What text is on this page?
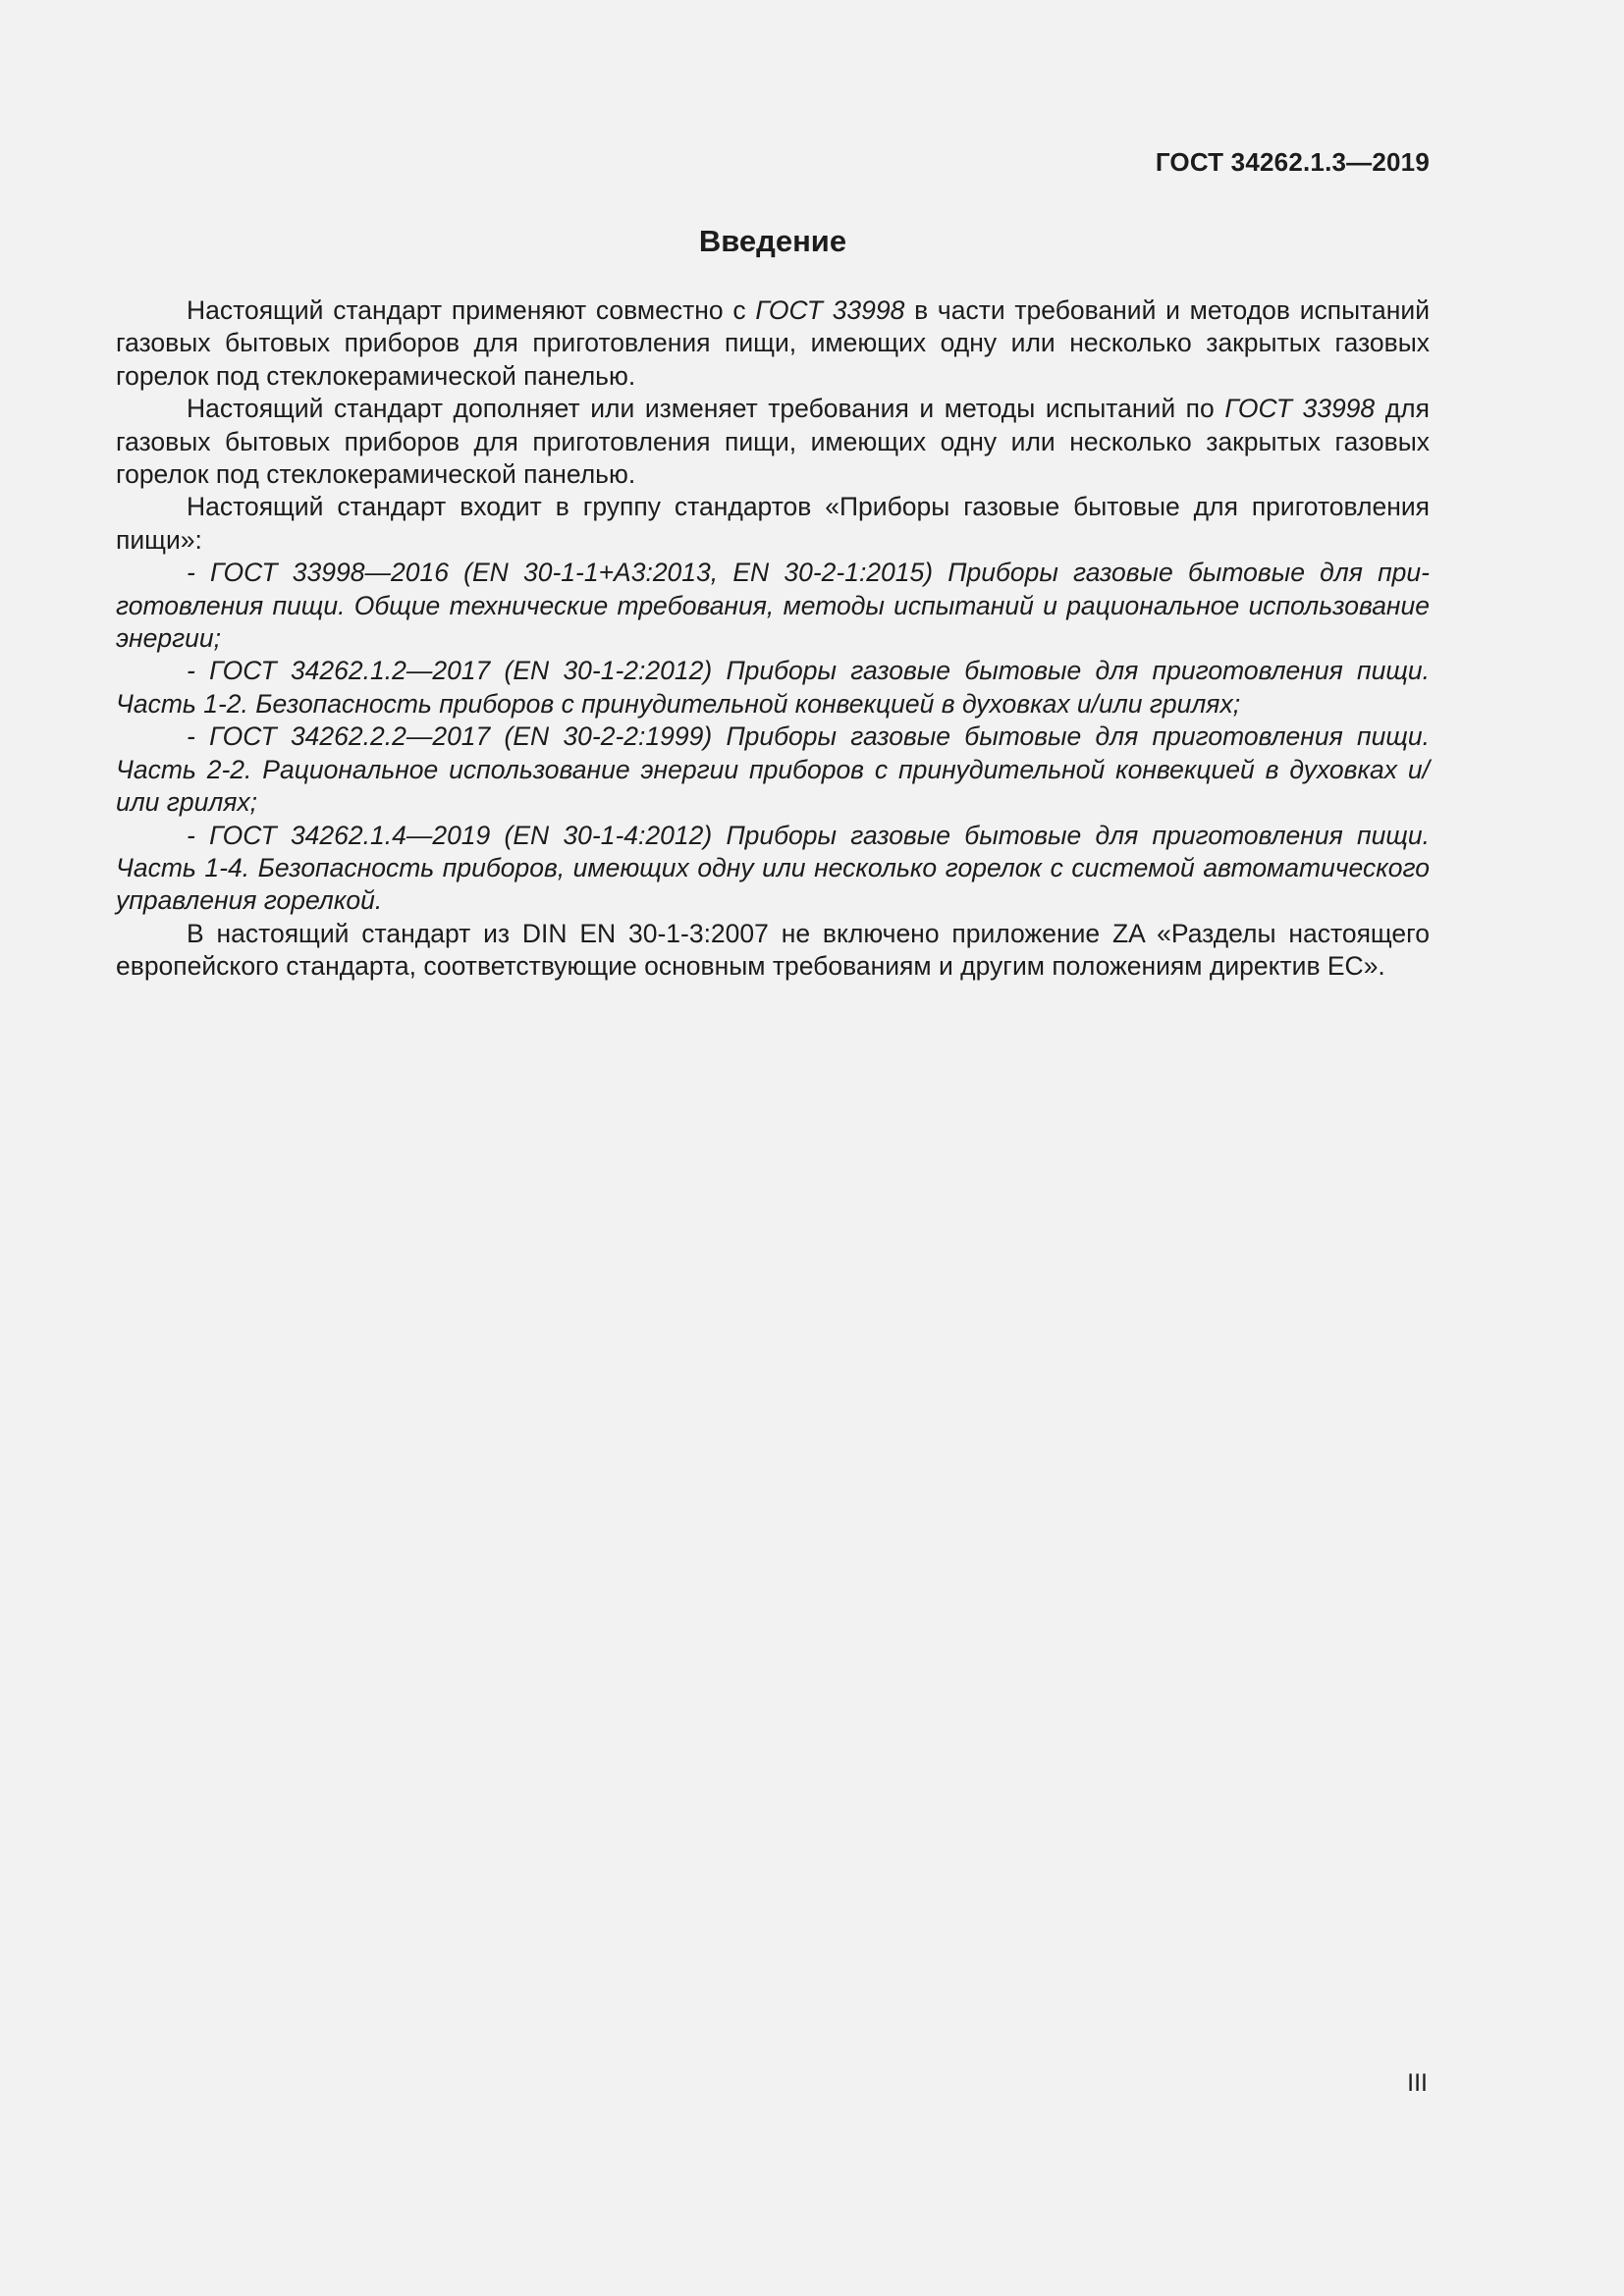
ГОСТ 34262.1.3—2019
Введение

Настоящий стандарт применяют совместно с ГОСТ 33998 в части требований и методов испытаний газовых бытовых приборов для приготовления пищи, имеющих одну или несколько закрытых газовых горелок под стеклокерамической панелью.

Настоящий стандарт дополняет или изменяет требования и методы испытаний по ГОСТ 33998 для газовых бытовых приборов для приготовления пищи, имеющих одну или несколько закрытых газовых горелок под стеклокерамической панелью.

Настоящий стандарт входит в группу стандартов «Приборы газовые бытовые для приготовления пищи»:

- ГОСТ 33998—2016 (EN 30-1-1+А3:2013, EN 30-2-1:2015) Приборы газовые бытовые для приготовления пищи. Общие технические требования, методы испытаний и рациональное использование энергии;

- ГОСТ 34262.1.2—2017 (EN 30-1-2:2012) Приборы газовые бытовые для приготовления пищи. Часть 1-2. Безопасность приборов с принудительной конвекцией в духовках и/или грилях;

- ГОСТ 34262.2.2—2017 (EN 30-2-2:1999) Приборы газовые бытовые для приготовления пищи. Часть 2-2. Рациональное использование энергии приборов с принудительной конвекцией в духовках и/или грилях;

- ГОСТ 34262.1.4—2019 (EN 30-1-4:2012) Приборы газовые бытовые для приготовления пищи. Часть 1-4. Безопасность приборов, имеющих одну или несколько горелок с системой автоматического управления горелкой.

В настоящий стандарт из DIN EN 30-1-3:2007 не включено приложение ZA «Разделы настоящего европейского стандарта, соответствующие основным требованиям и другим положениям директив ЕС».

III
